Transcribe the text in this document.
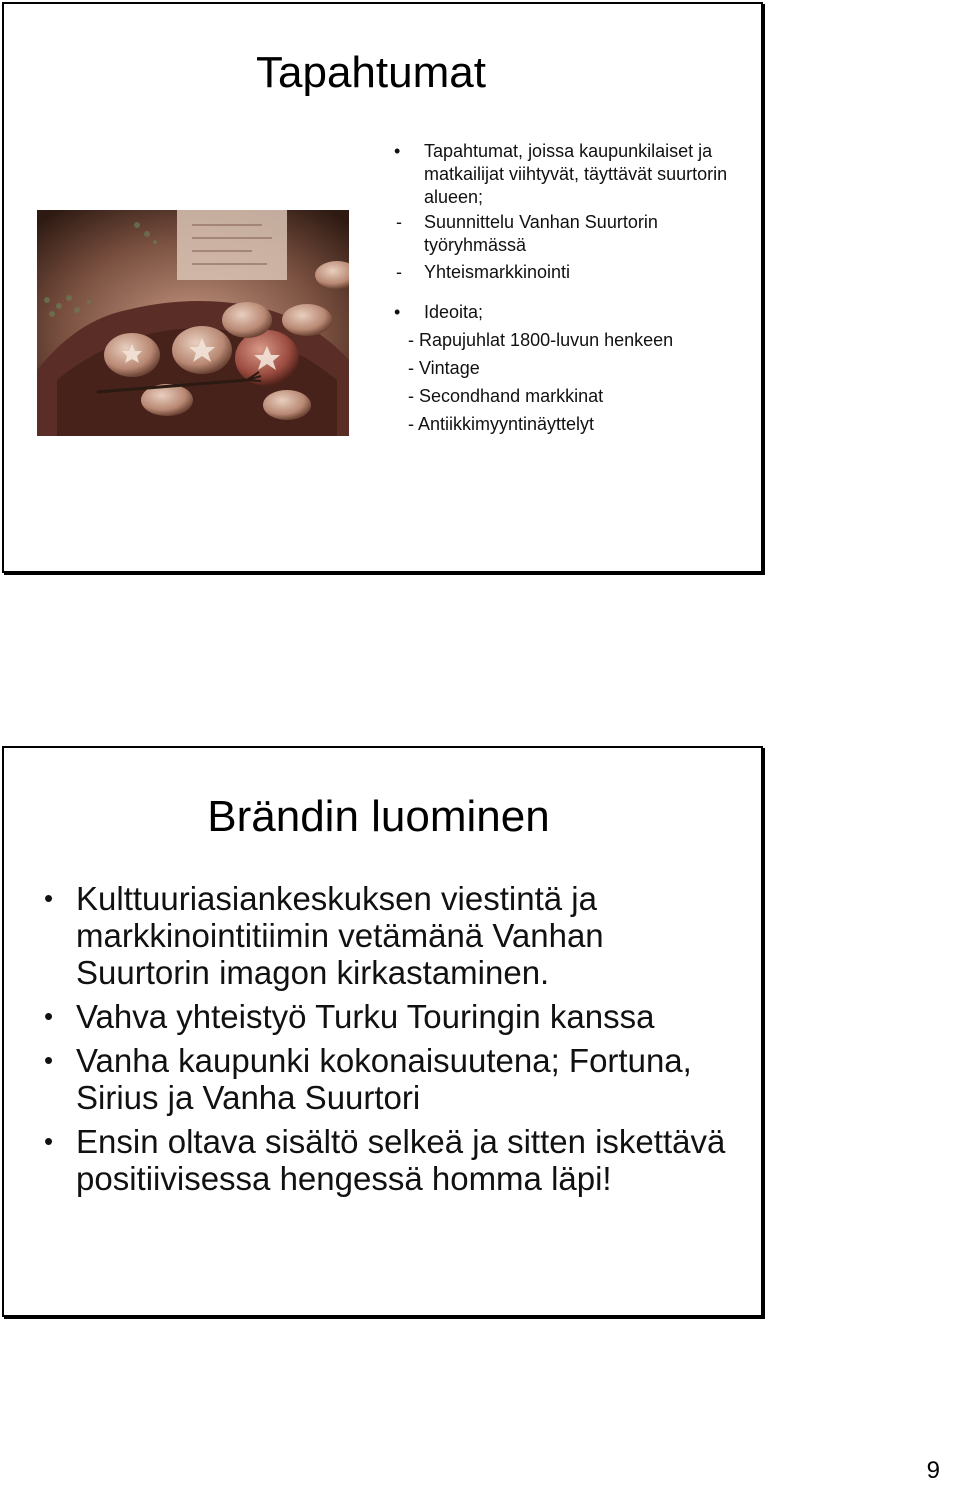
Tapahtumat
• Tapahtumat, joissa kaupunkilaiset ja matkailijat viihtyvät, täyttävät suurtorin alueen;
- Suunnittelu Vanhan Suurtorin työryhmässä
- Yhteismarkkinointi
• Ideoita;
- Rapujuhlat 1800-luvun henkeen
- Vintage
- Secondhand markkinat
- Antiikkimyyntinäyttelyt
Brändin luominen
• Kulttuuriasiankeskuksen viestintä ja markkinointitiimin vetämänä Vanhan Suurtorin imagon kirkastaminen.
• Vahva yhteistyö Turku Touringin kanssa
• Vanha kaupunki kokonaisuutena; Fortuna, Sirius ja Vanha Suurtori
• Ensin oltava sisältö selkeä ja sitten iskettävä positiivisessa hengessä homma läpi!
9
